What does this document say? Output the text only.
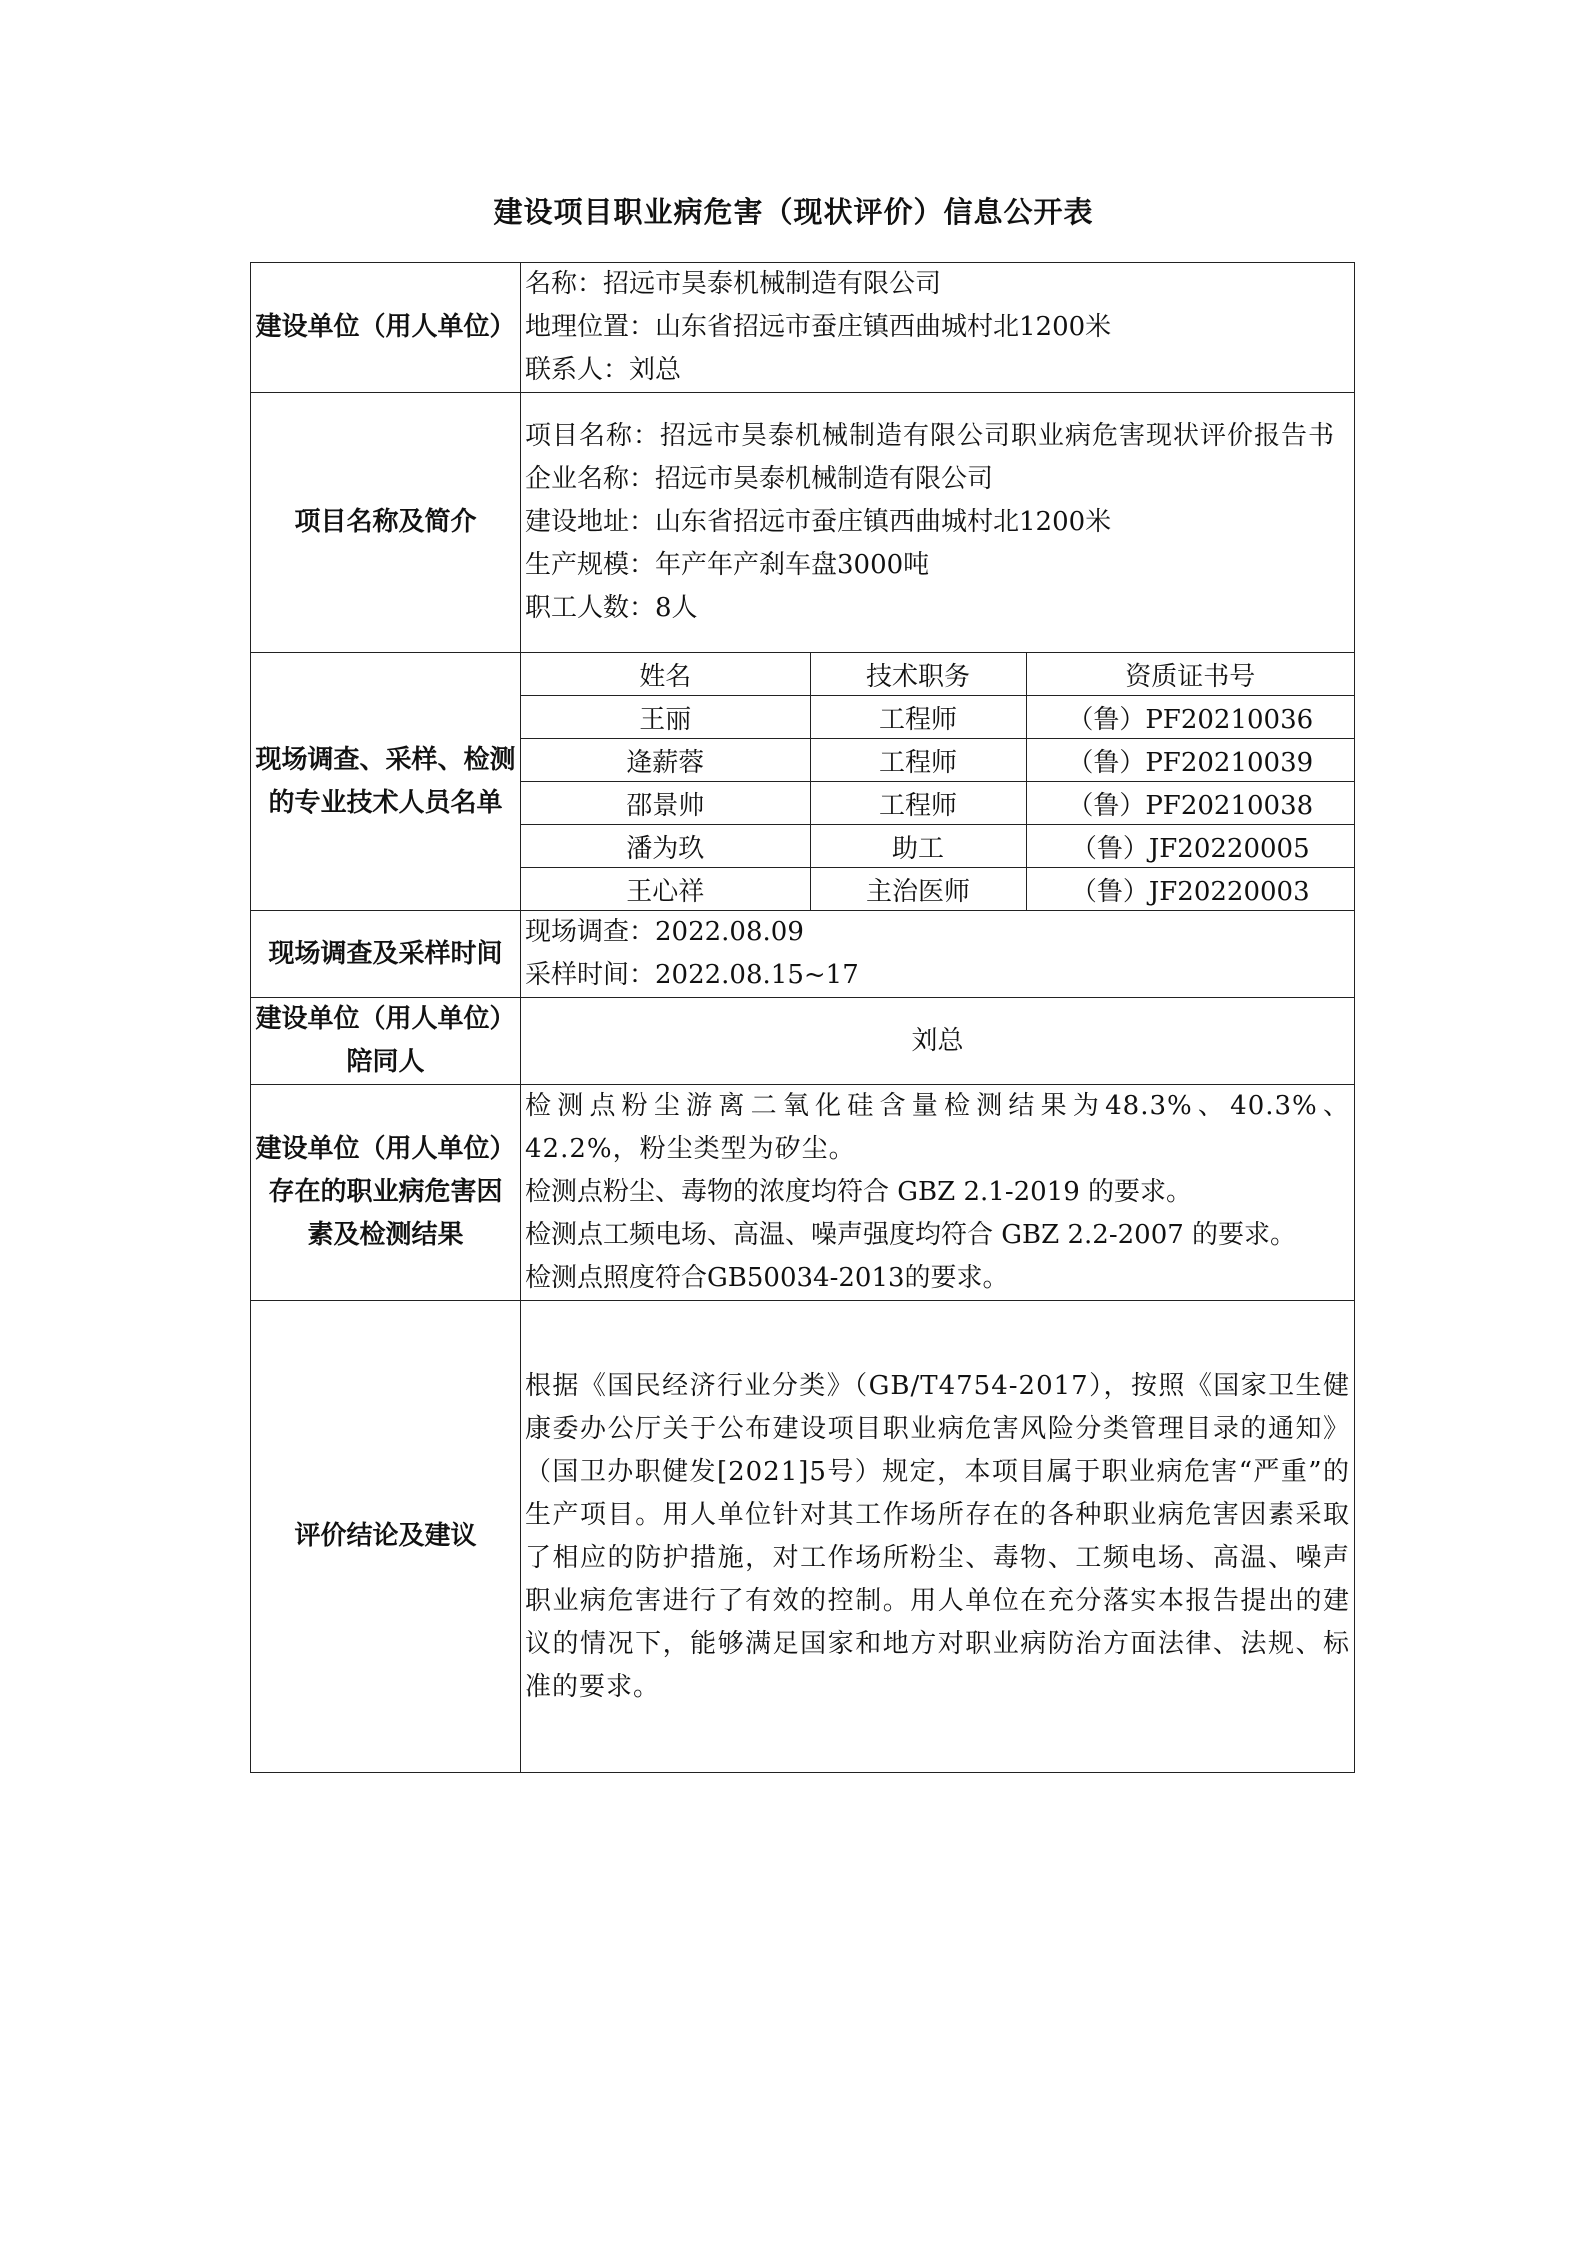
建设项目职业病危害（现状评价）信息公开表
建设单位（用人单位）	
名称：招远市昊泰机械制造有限公司
地理位置：山东省招远市蚕庄镇西曲城村北1200米
联系人：刘总

项目名称及简介	
项目名称：招远市昊泰机械制造有限公司职业病危害现状评价报告书
企业名称：招远市昊泰机械制造有限公司
建设地址：山东省招远市蚕庄镇西曲城村北1200米
生产规模：年产年产刹车盘3000吨
职工人数：8人

现场调查、采样、检测
的专业技术人员名单

姓名	技术职务	资质证书号
王丽	工程师	（鲁）PF20210036
逄薪蓉	工程师	（鲁）PF20210039
邵景帅	工程师	（鲁）PF20210038
潘为玖	助工	（鲁）JF20220005
王心祥	主治医师	（鲁）JF20220003

现场调查及采样时间	
现场调查：2022.08.09
采样时间：2022.08.15~17

建设单位（用人单位）
陪同人
	刘总

建设单位（用人单位）
存在的职业病危害因
素及检测结果

检测点粉尘游离二氧化硅含量检测结果为48.3%、40.3%、42.2%，粉尘类型为矽尘。
检测点粉尘、毒物的浓度均符合 GBZ 2.1-2019 的要求。
检测点工频电场、高温、噪声强度均符合 GBZ 2.2-2007 的要求。
检测点照度符合GB50034-2013的要求。

评价结论及建议	
根据《国民经济行业分类》（GB/T4754-2017），按照《国家卫生健康委办公厅关于公布建设项目职业病危害风险分类管理目录的通知》（国卫办职健发[2021]5号）规定，本项目属于职业病危害“严重”的生产项目。用人单位针对其工作场所存在的各种职业病危害因素采取了相应的防护措施，对工作场所粉尘、毒物、工频电场、高温、噪声职业病危害进行了有效的控制。用人单位在充分落实本报告提出的建议的情况下，能够满足国家和地方对职业病防治方面法律、法规、标准的要求。
